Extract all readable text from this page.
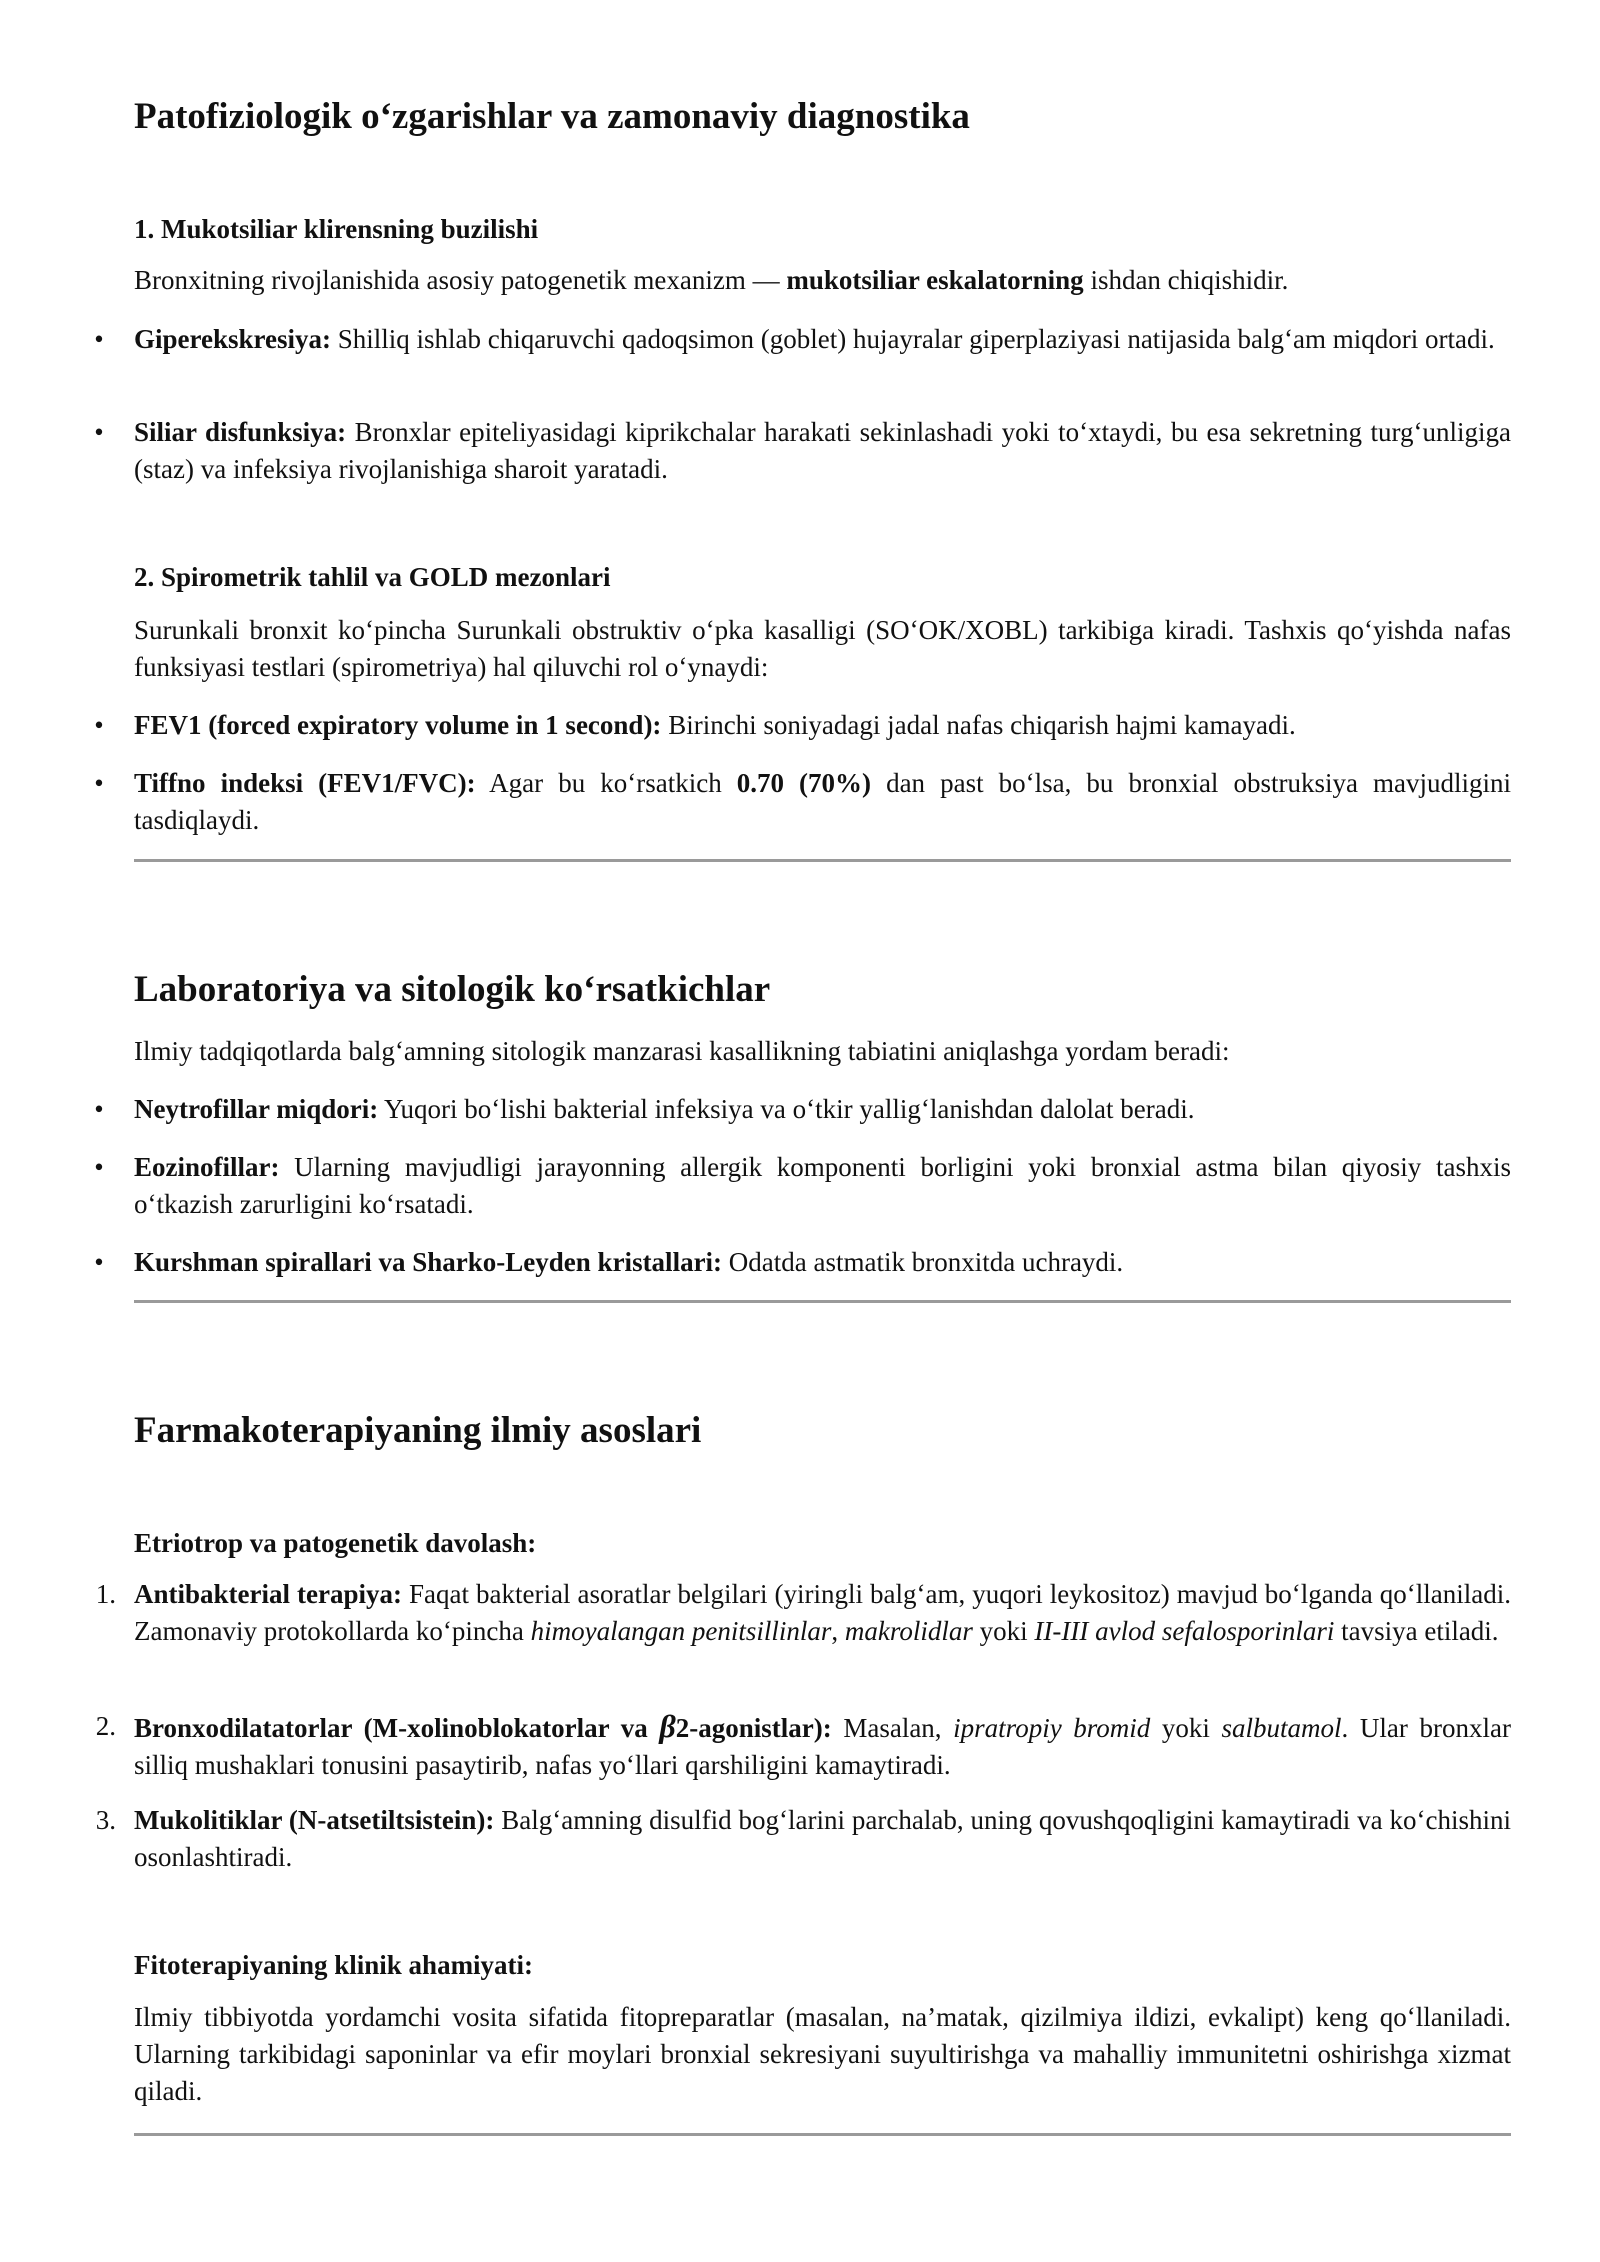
Patofiziologik o‘zgarishlar va zamonaviy diagnostika
1. Mukotsiliar klirensning buzilishi

Bronxitning rivojlanishida asosiy patogenetik mexanizm — mukotsiliar eskalatorning ishdan chiqishidir.

• Giperekskresiya: Shilliq ishlab chiqaruvchi qadoqsimon (goblet) hujayralar giperplaziyasi natijasida balg‘am miqdori ortadi.
• Siliar disfunksiya: Bronxlar epiteliyasidagi kiprikchalar harakati sekinlashadi yoki to‘xtaydi, bu esa sekretning turg‘unligiga (staz) va infeksiya rivojlanishiga sharoit yaratadi.
2. Spirometrik tahlil va GOLD mezonlari

Surunkali bronxit ko‘pincha Surunkali obstruktiv o‘pka kasalligi (SO‘OK/XOBL) tarkibiga kiradi. Tashxis qo‘yishda nafas funksiyasi testlari (spirometriya) hal qiluvchi rol o‘ynaydi:

• FEV1 (forced expiratory volume in 1 second): Birinchi soniyadagi jadal nafas chiqarish hajmi kamayadi.
• Tiffno indeksi (FEV1/FVC): Agar bu ko‘rsatkich 0.70 (70%) dan past bo‘lsa, bu bronxial obstruksiya mavjudligini tasdiqlaydi.
Laboratoriya va sitologik ko‘rsatkichlar

Ilmiy tadqiqotlarda balg‘amning sitologik manzarasi kasallikning tabiatini aniqlashga yordam beradi:

• Neytrofillar miqdori: Yuqori bo‘lishi bakterial infeksiya va o‘tkir yallig‘lanishdan dalolat beradi.
• Eozinofillar: Ularning mavjudligi jarayonning allergik komponenti borligini yoki bronxial astma bilan qiyosiy tashxis o‘tkazish zarurligini ko‘rsatadi.
• Kurshman spirallari va Sharko-Leyden kristallari: Odatda astmatik bronxitda uchraydi.
Farmakoterapiyaning ilmiy asoslari
Etriotrop va patogenetik davolash:
1. Antibakterial terapiya: Faqat bakterial asoratlar belgilari (yiringli balg‘am, yuqori leykositoz) mavjud bo‘lganda qo‘llaniladi. Zamonaviy protokollarda ko‘pincha himoyalangan penitsillinlar, makrolidlar yoki II-III avlod sefalosporinlari tavsiya etiladi.
2. Bronxodilatatorlar (M-xolinoblokatorlar va β2-agonistlar): Masalan, ipratropiy bromid yoki salbutamol. Ular bronxlar silliq mushaklari tonusini pasaytirib, nafas yo‘llari qarshiligini kamaytiradi.
3. Mukolitiklar (N-atsetiltsistein): Balg‘amning disulfid bog‘larini parchalab, uning qovushqoqligini kamaytiradi va ko‘chishini osonlashtiradi.
Fitoterapiyaning klinik ahamiyati:

Ilmiy tibbiyotda yordamchi vosita sifatida fitopreparatlar (masalan, na’matak, qizilmiya ildizi, evkalipt) keng qo‘llaniladi. Ularning tarkibidagi saponinlar va efir moylari bronxial sekresiyani suyultirishga va mahalliy immunitetni oshirishga xizmat qiladi.
